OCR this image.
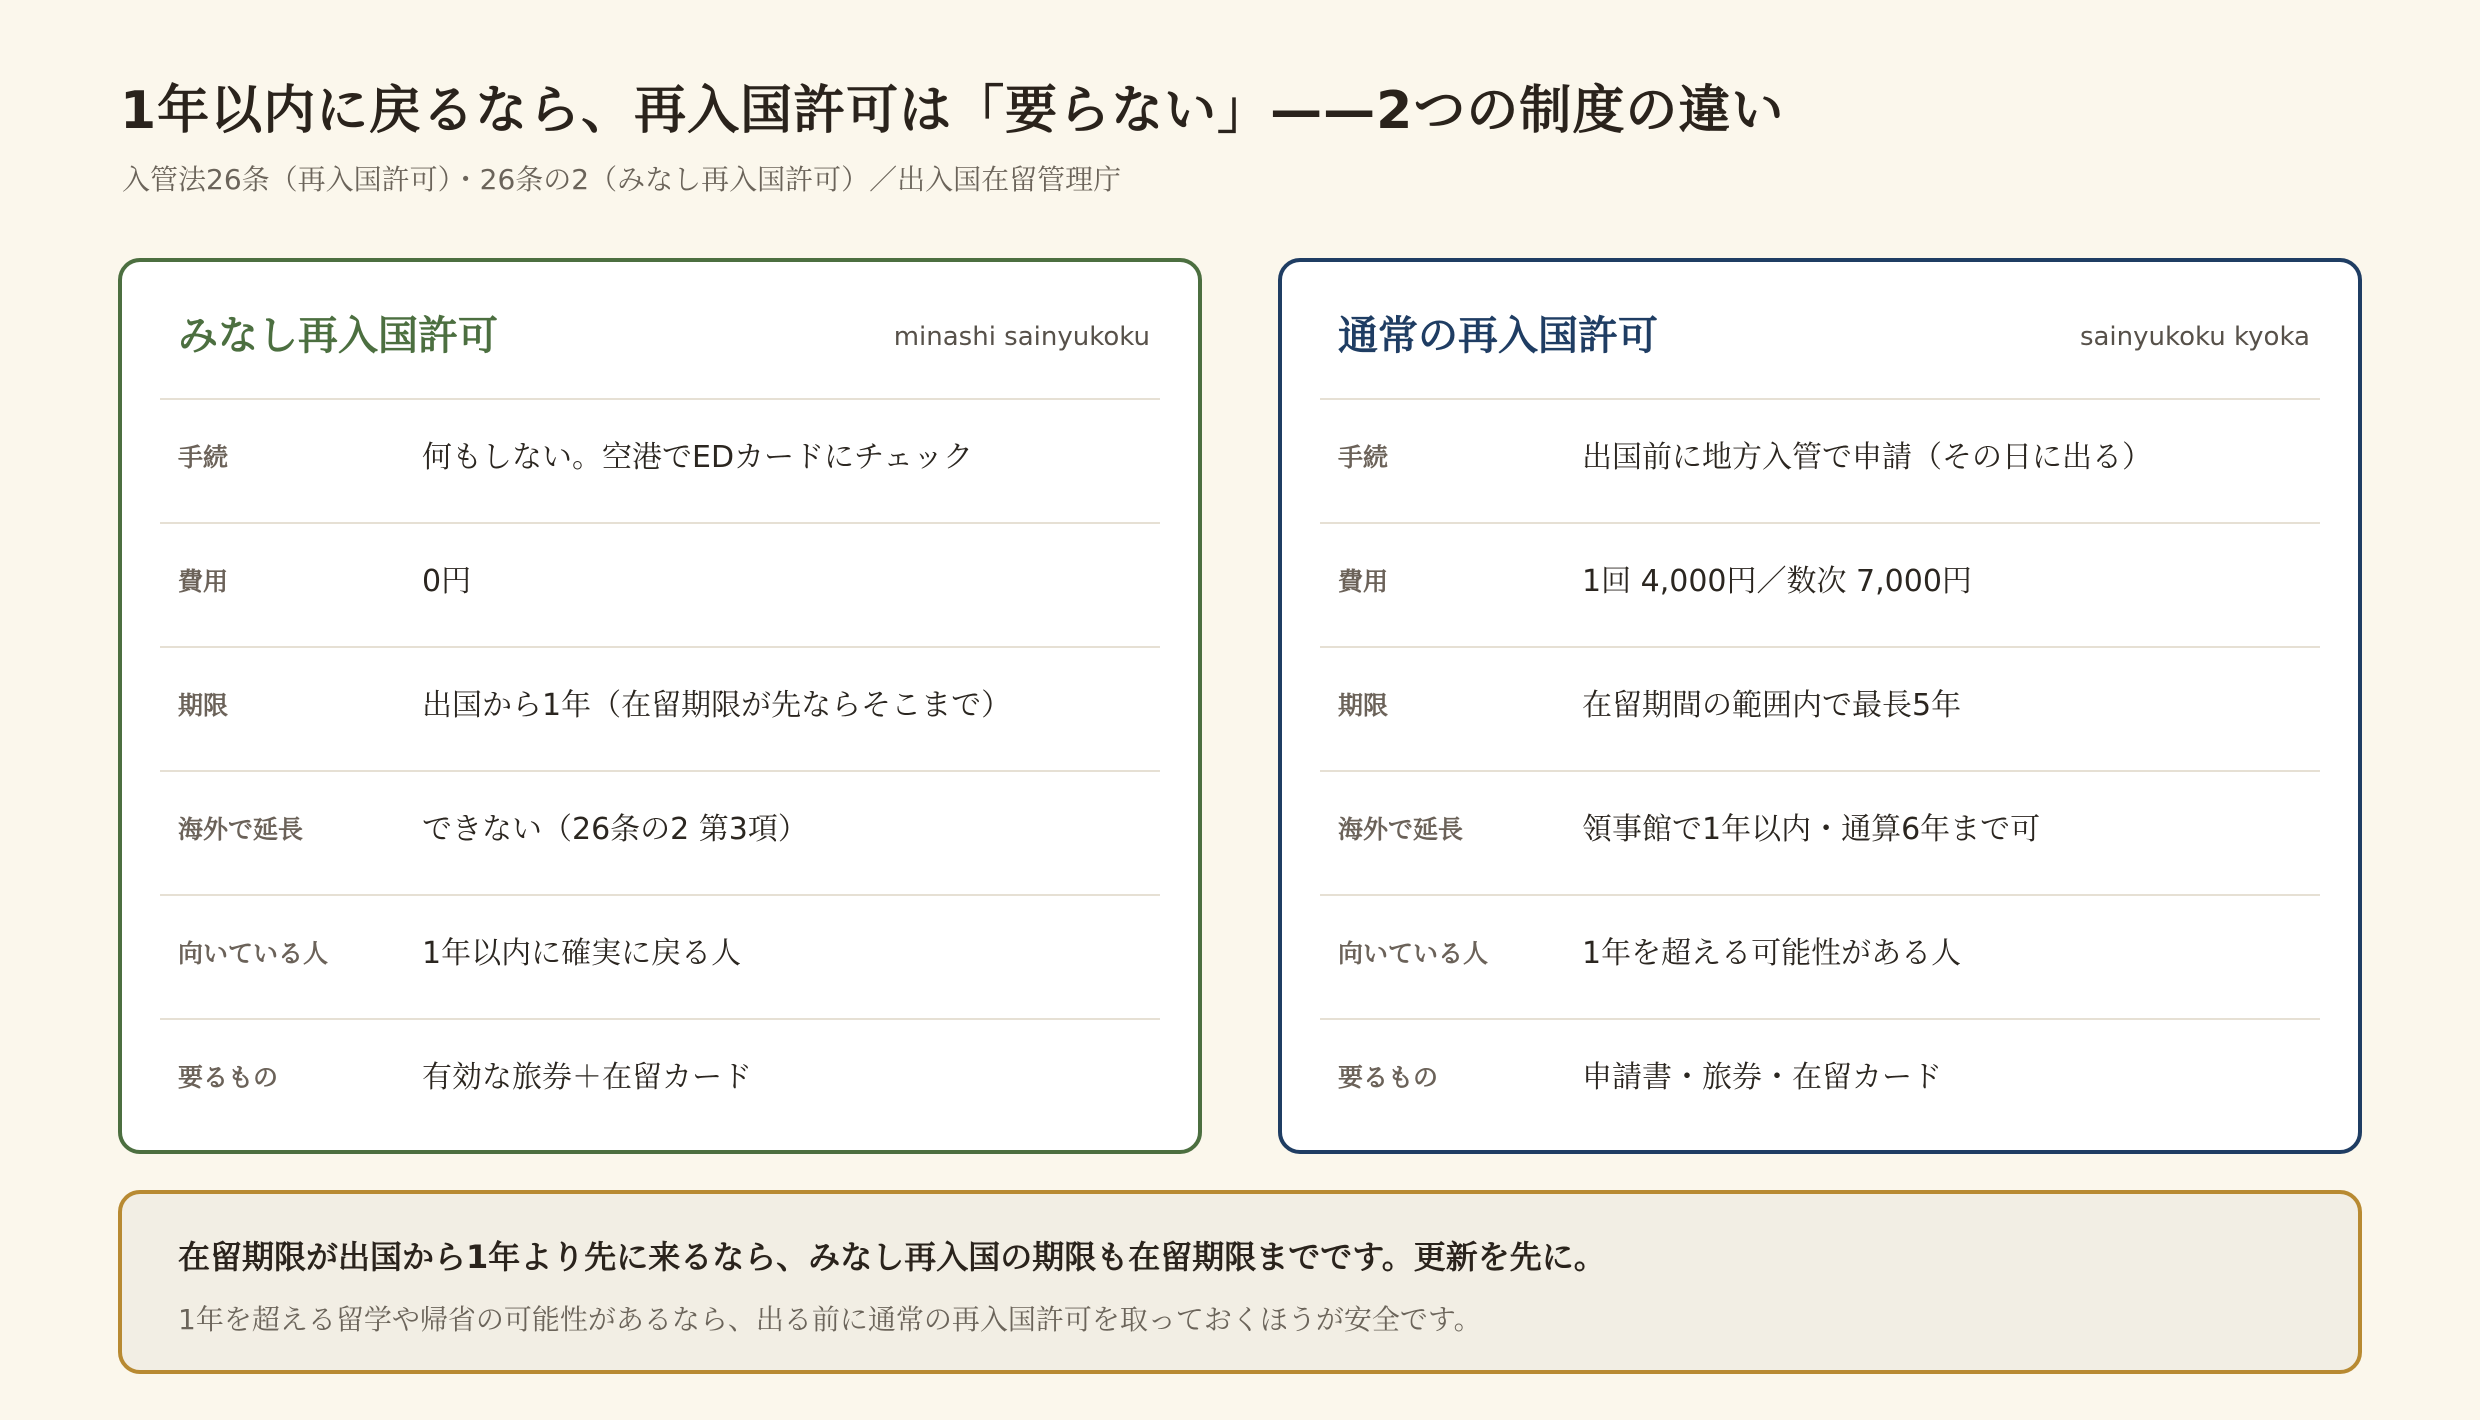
1年以内に戻るなら、再入国許可は「要らない」——2つの制度の違い
入管法26条（再入国許可）・26条の2（みなし再入国許可）／出入国在留管理庁
みなし再入国許可	minashi sainyukoku
手続	何もしない。空港でEDカードにチェック
費用	0円
期限	出国から1年（在留期限が先ならそこまで）
海外で延長	できない（26条の2 第3項）
向いている人	1年以内に確実に戻る人
要るもの	有効な旅券＋在留カード
通常の再入国許可	sainyukoku kyoka
手続	出国前に地方入管で申請（その日に出る）
費用	1回 4,000円／数次 7,000円
期限	在留期間の範囲内で最長5年
海外で延長	領事館で1年以内・通算6年まで可
向いている人	1年を超える可能性がある人
要るもの	申請書・旅券・在留カード
在留期限が出国から1年より先に来るなら、みなし再入国の期限も在留期限までです。更新を先に。
1年を超える留学や帰省の可能性があるなら、出る前に通常の再入国許可を取っておくほうが安全です。
